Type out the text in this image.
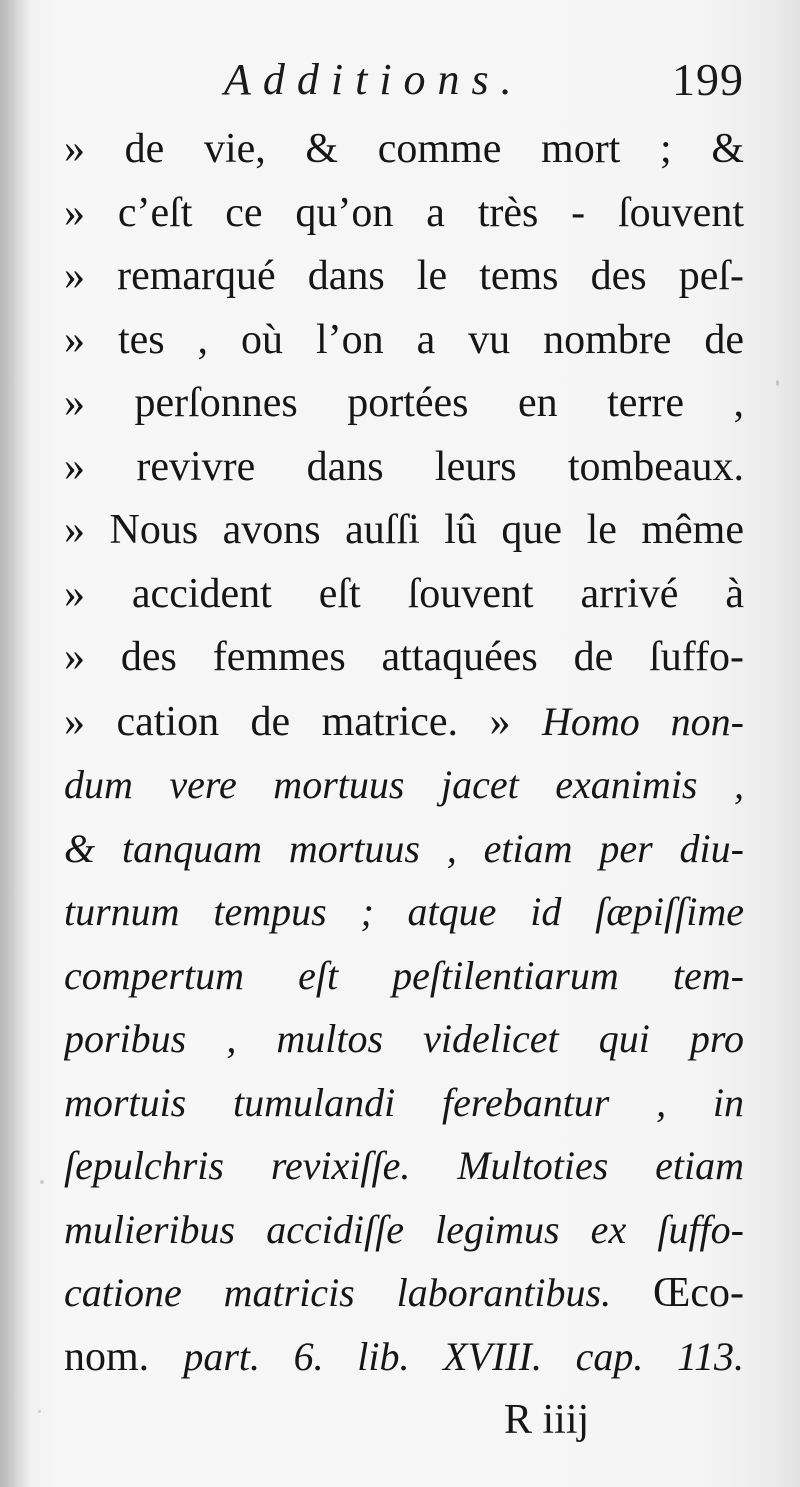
Additions.	199
» de vie, & comme mort ; &
» c’eſt ce qu’on a très - ſouvent
» remarqué dans le tems des peſ-
» tes , où l’on a vu nombre de
» perſonnes portées en terre ,
» revivre dans leurs tombeaux.
» Nous avons auſſi lû que le même
» accident eſt ſouvent arrivé à
» des femmes attaquées de ſuffo-
» cation de matrice. » Homo non-
dum vere mortuus jacet exanimis ,
& tanquam mortuus , etiam per diu-
turnum tempus ; atque id ſæpiſſime
compertum eſt peſtilentiarum tem-
poribus , multos videlicet qui pro
mortuis tumulandi ferebantur , in
ſepulchris revixiſſe. Multoties etiam
mulieribus accidiſſe legimus ex ſuffo-
catione matricis laborantibus. Œco-
nom. part. 6. lib. XVIII. cap. 113.
R iiij
